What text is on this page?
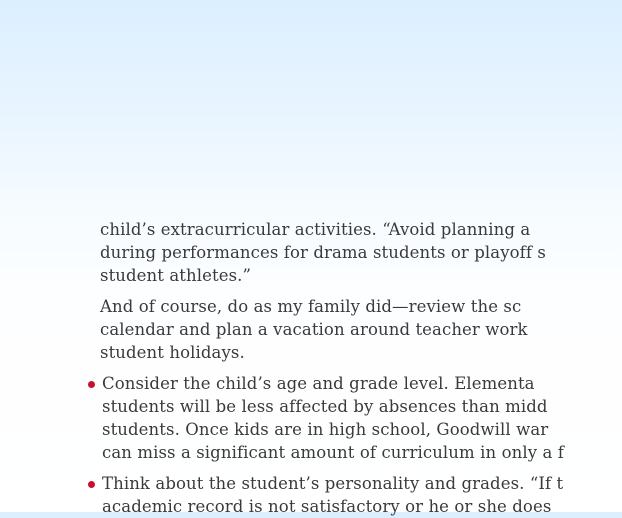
child’s extracurricular activities. “Avoid planning a
during performances for drama students or playoff s
student athletes.”
And of course, do as my family did—review the sc
calendar and plan a vacation around teacher work
student holidays.
Consider the child’s age and grade level. Elementa
students will be less affected by absences than midd
students. Once kids are in high school, Goodwill war
can miss a significant amount of curriculum in only a f
Think about the student’s personality and grades. “If t
academic record is not satisfactory or he or she does
